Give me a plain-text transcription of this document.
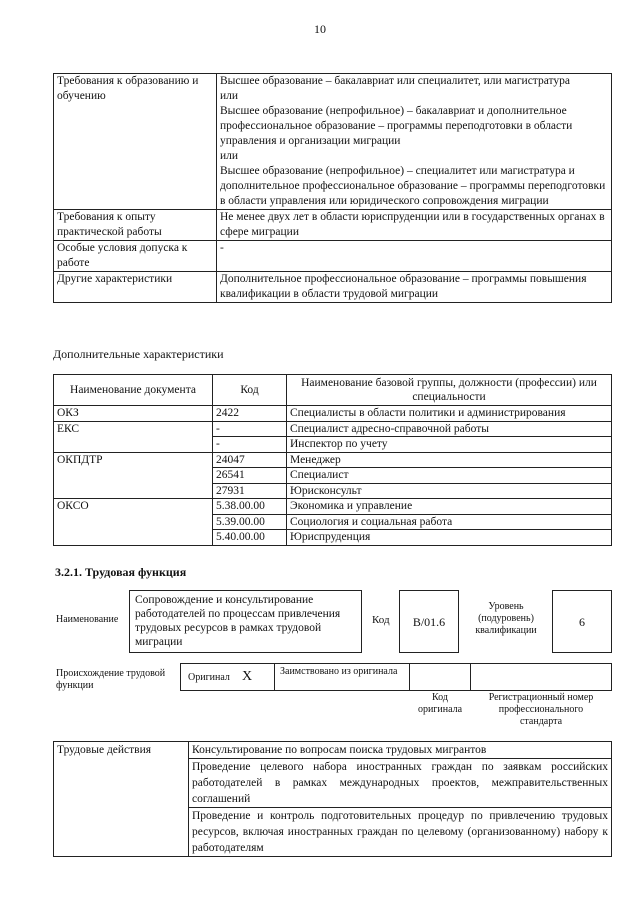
10
Требования к образованию и обучению	Высшее образование – бакалавриат или специалитет, или магистратура
или
Высшее образование (непрофильное) – бакалавриат и дополнительное профессиональное образование – программы переподготовки в области управления и организации миграции
или
Высшее образование (непрофильное) – специалитет или магистратура и дополнительное профессиональное образование – программы переподготовки в области управления или юридического сопровождения миграции

Требования к опыту практической работы	Не менее двух лет в области юриспруденции или в государственных органах в сфере миграции
Особые условия допуска к работе	-
Другие характеристики	Дополнительное профессиональное образование – программы повышения квалификации в области трудовой миграции
Дополнительные характеристики
Наименование документа	Код	Наименование базовой группы, должности (профессии) или специальности
ОКЗ	2422	Специалисты в области политики и администрирования
ЕКС	-	Специалист адресно-справочной работы
	-	Инспектор по учету
ОКПДТР	24047	Менеджер
	26541	Специалист
	27931	Юрисконсульт
ОКСО	5.38.00.00	Экономика и управление
	5.39.00.00	Социология и социальная работа
	5.40.00.00	Юриспруденция
3.2.1. Трудовая функция
Наименование
Сопровождение и консультирование работодателей по процессам привлечения трудовых ресурсов в рамках трудовой миграции
Код	В/01.6
Уровень (подуровень) квалификации
6
Происхождение трудовой функции
Оригинал X	Заимствовано из оригинала
Код оригинала
Регистрационный номер профессионального стандарта
Трудовые действия	Консультирование по вопросам поиска трудовых мигрантов
Проведение целевого набора иностранных граждан по заявкам российских работодателей в рамках международных проектов, межправительственных соглашений
Проведение и контроль подготовительных процедур по привлечению трудовых ресурсов, включая иностранных граждан по целевому (организованному) набору к работодателям
